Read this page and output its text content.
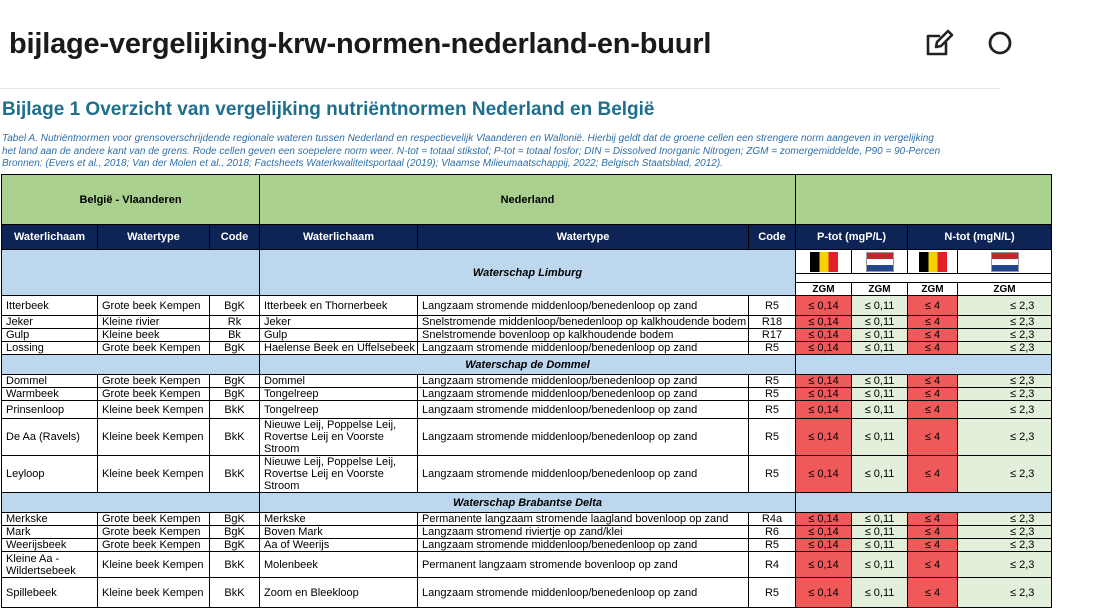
bijlage-vergelijking-krw-normen-nederland-en-buurl
Bijlage 1 Overzicht van vergelijking nutriëntnormen Nederland en België
Tabel A. Nutriëntnormen voor grensoverschrijdende regionale wateren tussen Nederland en respectievelijk Vlaanderen en Wallonië. Hierbij geldt dat de groene cellen een strengere norm aangeven in vergelijking
het land aan de andere kant van de grens. Rode cellen geven een soepelere norm weer. N-tot = totaal stikstof; P-tot = totaal fosfor; DIN = Dissolved Inorganic Nitrogen; ZGM = zomergemiddelde, P90 = 90-Percen
Bronnen: (Evers et al., 2018; Van der Molen et al., 2018; Factsheets Waterkwaliteitsportaal (2019); Vlaamse Milieumaatschappij, 2022; Belgisch Staatsblad, 2012).
België - Vlaanderen			Nederland						
Waterlichaam	Watertype	Code	Waterlichaam	Watertype	Code	P-tot (mgP/L)		N-tot (mgN/L)	
			Waterschap Limburg						

						ZGM	ZGM	ZGM	ZGM
Itterbeek	Grote beek Kempen	BgK	Itterbeek en Thornerbeek	Langzaam stromende middenloop/benedenloop op zand	R5	≤ 0,14	≤ 0,11	≤ 4	≤ 2,3
Jeker	Kleine rivier	Rk	Jeker	Snelstromende middenloop/benedenloop op kalkhoudende bodem	R18	≤ 0,14	≤ 0,11	≤ 4	≤ 2,3
Gulp	Kleine beek	Bk	Gulp	Snelstromende bovenloop op kalkhoudende bodem	R17	≤ 0,14	≤ 0,11	≤ 4	≤ 2,3
Lossing	Grote beek Kempen	BgK	Haelense Beek en Uffelsebeek	Langzaam stromende middenloop/benedenloop op zand	R5	≤ 0,14	≤ 0,11	≤ 4	≤ 2,3
			Waterschap de Dommel						
Dommel	Grote beek Kempen	BgK	Dommel	Langzaam stromende middenloop/benedenloop op zand	R5	≤ 0,14	≤ 0,11	≤ 4	≤ 2,3
Warmbeek	Grote beek Kempen	BgK	Tongelreep	Langzaam stromende middenloop/benedenloop op zand	R5	≤ 0,14	≤ 0,11	≤ 4	≤ 2,3
Prinsenloop	Kleine beek Kempen	BkK	Tongelreep	Langzaam stromende middenloop/benedenloop op zand	R5	≤ 0,14	≤ 0,11	≤ 4	≤ 2,3
De Aa (Ravels)	Kleine beek Kempen	BkK	Nieuwe Leij, Poppelse Leij, Rovertse Leij en Voorste Stroom	Langzaam stromende middenloop/benedenloop op zand	R5	≤ 0,14	≤ 0,11	≤ 4	≤ 2,3
Leyloop	Kleine beek Kempen	BkK	Nieuwe Leij, Poppelse Leij, Rovertse Leij en Voorste Stroom	Langzaam stromende middenloop/benedenloop op zand	R5	≤ 0,14	≤ 0,11	≤ 4	≤ 2,3
			Waterschap Brabantse Delta						
Merkske	Grote beek Kempen	BgK	Merkske	Permanente langzaam stromende laagland bovenloop op zand	R4a	≤ 0,14	≤ 0,11	≤ 4	≤ 2,3
Mark	Grote beek Kempen	BgK	Boven Mark	Langzaam stromend riviertje op zand/klei	R6	≤ 0,14	≤ 0,11	≤ 4	≤ 2,3
Weerijsbeek	Grote beek Kempen	BgK	Aa of Weerijs	Langzaam stromende middenloop/benedenloop op zand	R5	≤ 0,14	≤ 0,11	≤ 4	≤ 2,3
Kleine Aa - Wildertsebeek	Kleine beek Kempen	BkK	Molenbeek	Permanent langzaam stromende bovenloop op zand	R4	≤ 0,14	≤ 0,11	≤ 4	≤ 2,3
Spillebeek	Kleine beek Kempen	BkK	Zoom en Bleekloop	Langzaam stromende middenloop/benedenloop op zand	R5	≤ 0,14	≤ 0,11	≤ 4	≤ 2,3
